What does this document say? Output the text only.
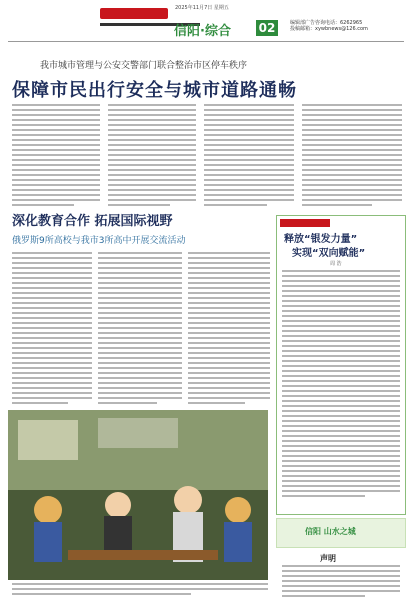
2025年11月7日 星期五
信阳·综合 02	编辑部广告咨询电话：6262965
投稿邮箱：xywbnews@126.com
我市城市管理与公安交警部门联合整治市区停车秩序
保障市民出行安全与城市道路通畅
深化教育合作 拓展国际视野
俄罗斯9所高校与我市3所高中开展交流活动	释放“银发力量”
实现“双向赋能”
周 浩
信阳 山水之城
声明
